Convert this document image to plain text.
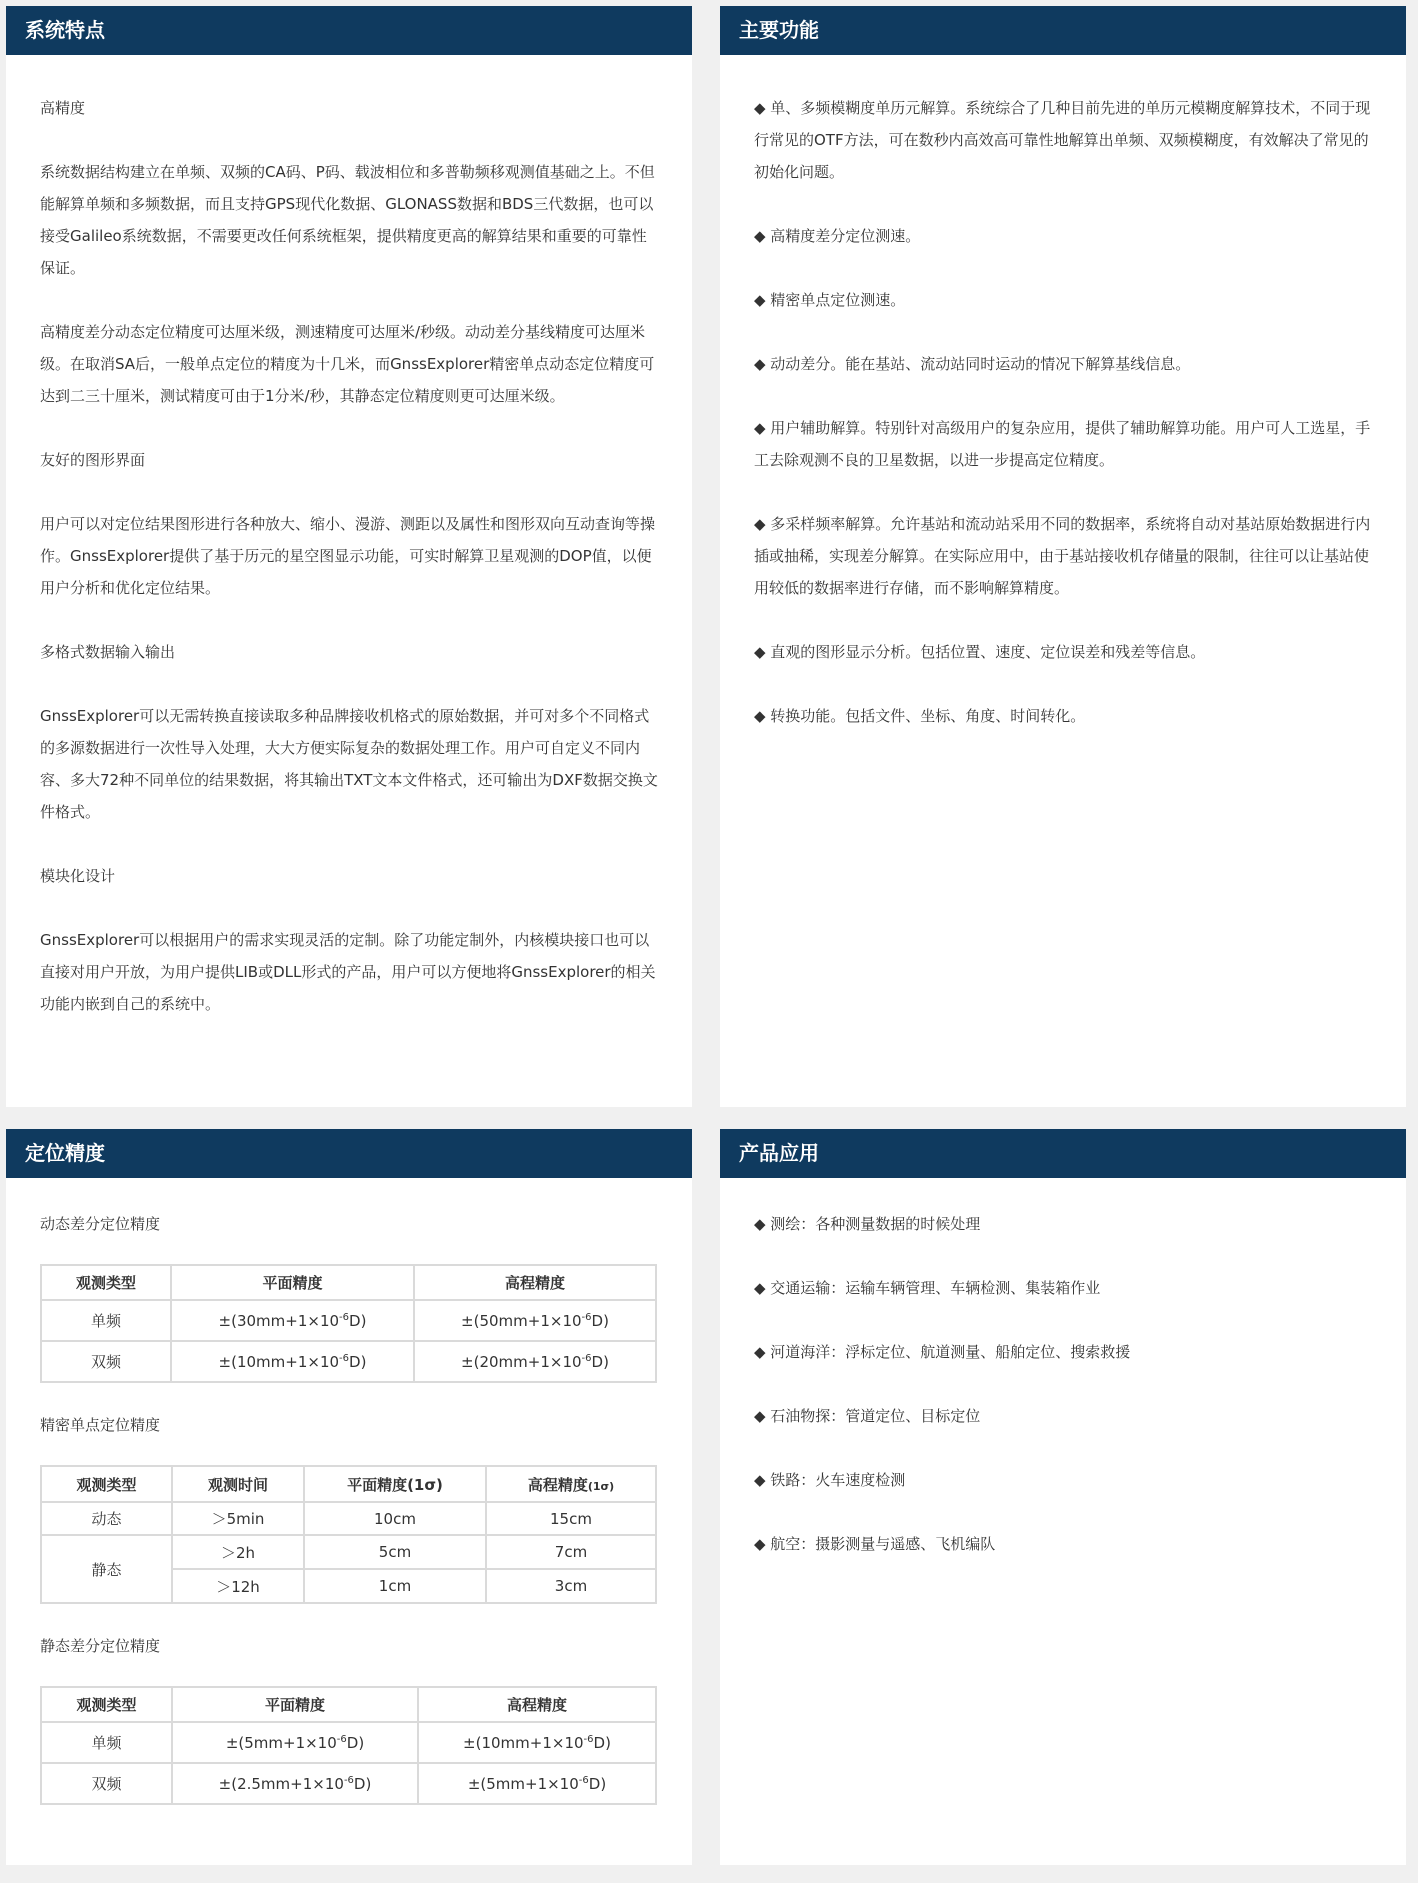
系统特点

高精度

系统数据结构建立在单频、双频的CA码、P码、载波相位和多普勒频移观测值基础之上。不但能解算单频和多频数据，而且支持GPS现代化数据、GLONASS数据和BDS三代数据，也可以接受Galileo系统数据，不需要更改任何系统框架，提供精度更高的解算结果和重要的可靠性保证。

高精度差分动态定位精度可达厘米级，测速精度可达厘米/秒级。动动差分基线精度可达厘米级。在取消SA后，一般单点定位的精度为十几米，而GnssExplorer精密单点动态定位精度可达到二三十厘米，测试精度可由于1分米/秒，其静态定位精度则更可达厘米级。

友好的图形界面

用户可以对定位结果图形进行各种放大、缩小、漫游、测距以及属性和图形双向互动查询等操作。GnssExplorer提供了基于历元的星空图显示功能，可实时解算卫星观测的DOP值，以便用户分析和优化定位结果。

多格式数据输入输出

GnssExplorer可以无需转换直接读取多种品牌接收机格式的原始数据，并可对多个不同格式的多源数据进行一次性导入处理，大大方便实际复杂的数据处理工作。用户可自定义不同内容、多大72种不同单位的结果数据，将其输出TXT文本文件格式，还可输出为DXF数据交换文件格式。

模块化设计

GnssExplorer可以根据用户的需求实现灵活的定制。除了功能定制外，内核模块接口也可以直接对用户开放，为用户提供LIB或DLL形式的产品，用户可以方便地将GnssExplorer的相关功能内嵌到自己的系统中。

主要功能

◆ 单、多频模糊度单历元解算。系统综合了几种目前先进的单历元模糊度解算技术，不同于现行常见的OTF方法，可在数秒内高效高可靠性地解算出单频、双频模糊度，有效解决了常见的初始化问题。

◆ 高精度差分定位测速。

◆ 精密单点定位测速。

◆ 动动差分。能在基站、流动站同时运动的情况下解算基线信息。

◆ 用户辅助解算。特别针对高级用户的复杂应用，提供了辅助解算功能。用户可人工选星，手工去除观测不良的卫星数据，以进一步提高定位精度。

◆ 多采样频率解算。允许基站和流动站采用不同的数据率，系统将自动对基站原始数据进行内插或抽稀，实现差分解算。在实际应用中，由于基站接收机存储量的限制，往往可以让基站使用较低的数据率进行存储，而不影响解算精度。

◆ 直观的图形显示分析。包括位置、速度、定位误差和残差等信息。

◆ 转换功能。包括文件、坐标、角度、时间转化。

定位精度

动态差分定位精度

观测类型	平面精度	高程精度
单频	$\pm(30mm+1\times 10^{-6}D)$	$\pm(50mm+1\times 10^{-6}D)$
双频	$\pm(10mm+1\times 10^{-6}D)$	$\pm(20mm+1\times 10^{-6}D)$

精密单点定位精度

观测类型	观测时间	平面精度(1σ)	高程精度(1σ)
动态	＞5min	10cm	15cm
静态	＞2h	5cm	7cm
	＞12h	1cm	3cm

静态差分定位精度

观测类型	平面精度	高程精度
单频	$\pm(5mm+1\times 10^{-6}D)$	$\pm(10mm+1\times 10^{-6}D)$
双频	$\pm(2.5mm+1\times 10^{-6}D)$	$\pm(5mm+1\times 10^{-6}D)$
产品应用

◆ 测绘：各种测量数据的时候处理

◆ 交通运输：运输车辆管理、车辆检测、集装箱作业

◆ 河道海洋：浮标定位、航道测量、船舶定位、搜索救援

◆ 石油物探：管道定位、目标定位

◆ 铁路：火车速度检测

◆ 航空：摄影测量与遥感、飞机编队
